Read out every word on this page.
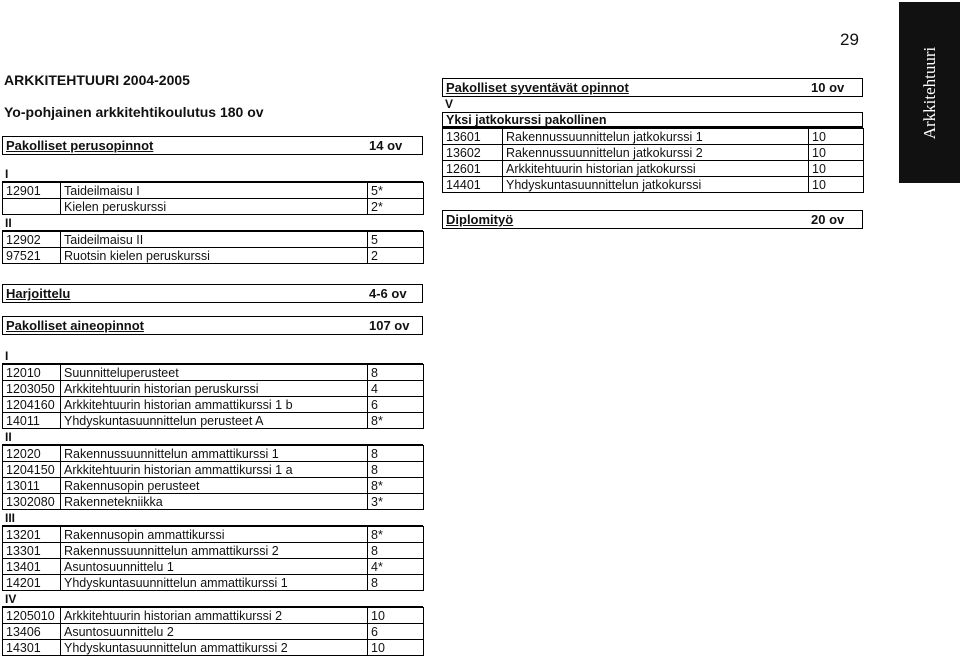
29
Arkkitehtuuri
ARKKITEHTUURI 2004-2005
Yo-pohjainen arkkitehtikoulutus 180 ov
Pakolliset perusopinnot	14 ov
I
12901	Taideilmaisu I	5*
	Kielen peruskurssi	2*
II
12902	Taideilmaisu II	5
97521	Ruotsin kielen peruskurssi	2
Harjoittelu	4-6 ov
Pakolliset aineopinnot	107 ov
I
12010	Suunnitteluperusteet	8
1203050	Arkkitehtuurin historian peruskurssi	4
1204160	Arkkitehtuurin historian ammattikurssi 1 b	6
14011	Yhdyskuntasuunnittelun perusteet A	8*
II
12020	Rakennussuunnittelun ammattikurssi 1	8
1204150	Arkkitehtuurin historian ammattikurssi 1 a	8
13011	Rakennusopin perusteet	8*
1302080	Rakennetekniikka	3*
III
13201	Rakennusopin ammattikurssi	8*
13301	Rakennussuunnittelun ammattikurssi 2	8
13401	Asuntosuunnittelu 1	4*
14201	Yhdyskuntasuunnittelun ammattikurssi 1	8
IV
1205010	Arkkitehtuurin historian ammattikurssi 2	10
13406	Asuntosuunnittelu 2	6
14301	Yhdyskuntasuunnittelun ammattikurssi 2	10
Pakolliset syventävät opinnot	10 ov
V
Yksi jatkokurssi pakollinen
13601	Rakennussuunnittelun jatkokurssi 1	10
13602	Rakennussuunnittelun jatkokurssi 2	10
12601	Arkkitehtuurin historian jatkokurssi	10
14401	Yhdyskuntasuunnittelun jatkokurssi	10
Diplomityö	20 ov
